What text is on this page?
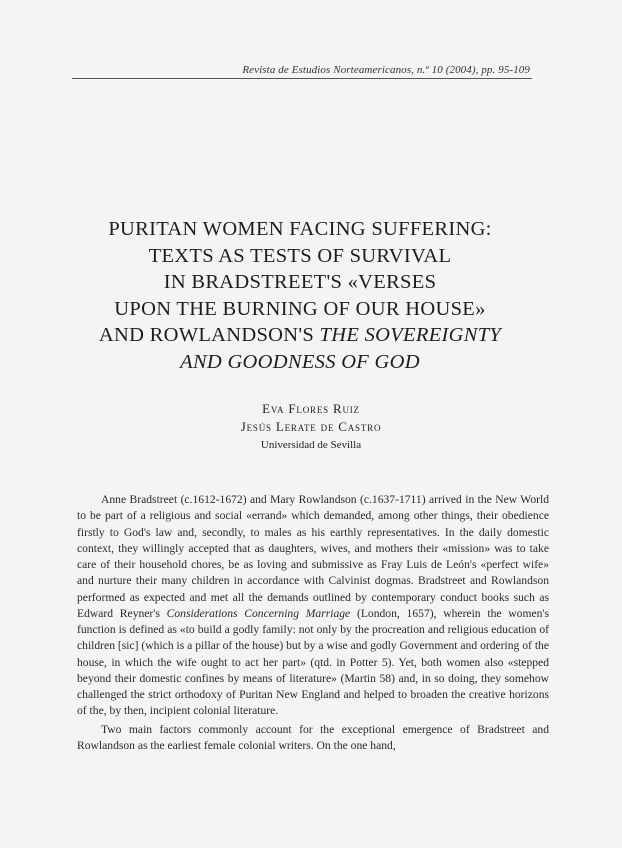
Revista de Estudios Norteamericanos, n.º 10 (2004), pp. 95-109
PURITAN WOMEN FACING SUFFERING:
TEXTS AS TESTS OF SURVIVAL
IN BRADSTREET'S «VERSES
UPON THE BURNING OF OUR HOUSE»
AND ROWLANDSON'S THE SOVEREIGNTY
AND GOODNESS OF GOD
Eva Flores Ruiz
Jesús Lerate de Castro
Universidad de Sevilla

Anne Bradstreet (c.1612-1672) and Mary Rowlandson (c.1637-1711) arrived in the New World to be part of a religious and social «errand» which demanded, among other things, their obedience firstly to God's law and, secondly, to males as his earthly representatives. In the daily domestic context, they willingly accepted that as daughters, wives, and mothers their «mission» was to take care of their household chores, be as loving and submissive as Fray Luis de León's «perfect wife» and nurture their many children in accordance with Calvinist dogmas. Bradstreet and Rowlandson performed as expected and met all the demands outlined by contemporary conduct books such as Edward Reyner's Considerations Concerning Marriage (London, 1657), wherein the women's function is defined as «to build a godly family: not only by the procreation and religious education of children [sic] (which is a pillar of the house) but by a wise and godly Government and ordering of the house, in which the wife ought to act her part» (qtd. in Potter 5). Yet, both women also «stepped beyond their domestic confines by means of literature» (Martin 58) and, in so doing, they somehow challenged the strict orthodoxy of Puritan New England and helped to broaden the creative horizons of the, by then, incipient colonial literature.

Two main factors commonly account for the exceptional emergence of Bradstreet and Rowlandson as the earliest female colonial writers. On the one hand,
